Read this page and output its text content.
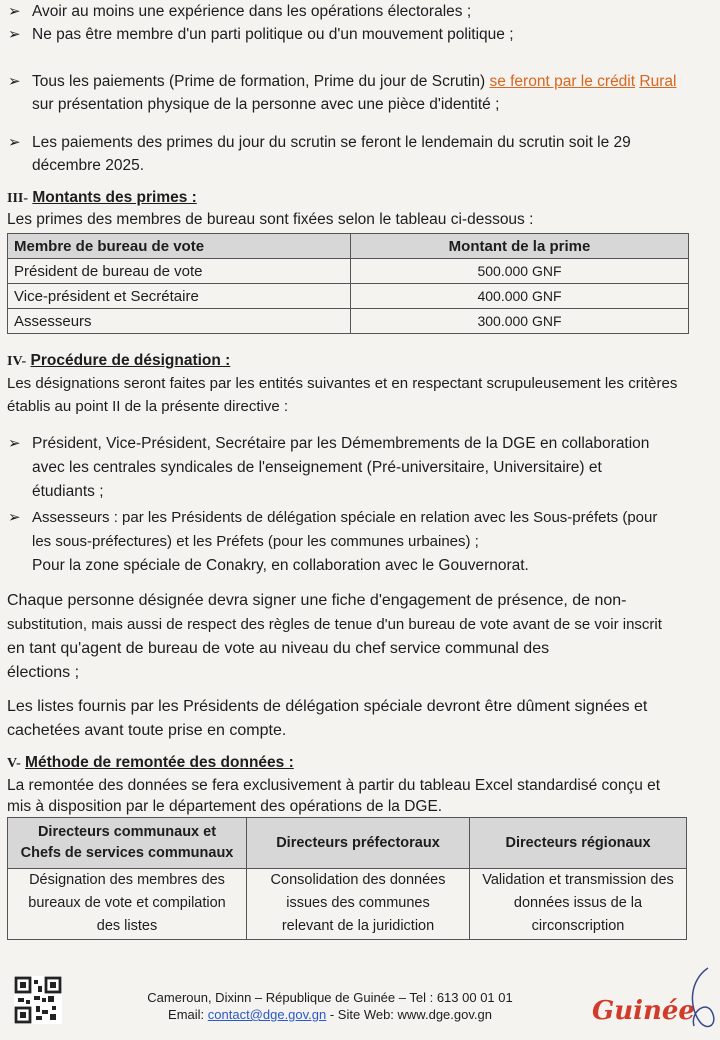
➢ Avoir au moins une expérience dans les opérations électorales ;
➢ Ne pas être membre d'un parti politique ou d'un mouvement politique ;
➢ Tous les paiements (Prime de formation, Prime du jour de Scrutin) se feront par le crédit Rural
sur présentation physique de la personne avec une pièce d'identité ;
➢ Les paiements des primes du jour du scrutin se feront le lendemain du scrutin soit le 29
décembre 2025.
III- Montants des primes :
Les primes des membres de bureau sont fixées selon le tableau ci-dessous :
Membre de bureau de vote	Montant de la prime
Président de bureau de vote	500.000 GNF
Vice-président et Secrétaire	400.000 GNF
Assesseurs	300.000 GNF
IV- Procédure de désignation :
Les désignations seront faites par les entités suivantes et en respectant scrupuleusement les critères
établis au point II de la présente directive :
➢ Président, Vice-Président, Secrétaire par les Démembrements de la DGE en collaboration
avec les centrales syndicales de l'enseignement (Pré-universitaire, Universitaire) et
étudiants ;
➢ Assesseurs : par les Présidents de délégation spéciale en relation avec les Sous-préfets (pour
les sous-préfectures) et les Préfets (pour les communes urbaines) ;
Pour la zone spéciale de Conakry, en collaboration avec le Gouvernorat.
Chaque personne désignée devra signer une fiche d'engagement de présence, de non-
substitution, mais aussi de respect des règles de tenue d'un bureau de vote avant de se voir inscrit
en tant qu'agent de bureau de vote au niveau du chef service communal des
élections ;
Les listes fournis par les Présidents de délégation spéciale devront être dûment signées et
cachetées avant toute prise en compte.
V- Méthode de remontée des données :
La remontée des données se fera exclusivement à partir du tableau Excel standardisé conçu et
mis à disposition par le département des opérations de la DGE.
Directeurs communaux et
Chefs de services communaux	Directeurs préfectoraux	Directeurs régionaux
Désignation des membres des
bureaux de vote et compilation
des listes	Consolidation des données
issues des communes
relevant de la juridiction	Validation et transmission des
données issus de la
circonscription
Cameroun, Dixinn – République de Guinée – Tel : 613 00 01 01
Email: contact@dge.gov.gn - Site Web: www.dge.gov.gn	Guinée
